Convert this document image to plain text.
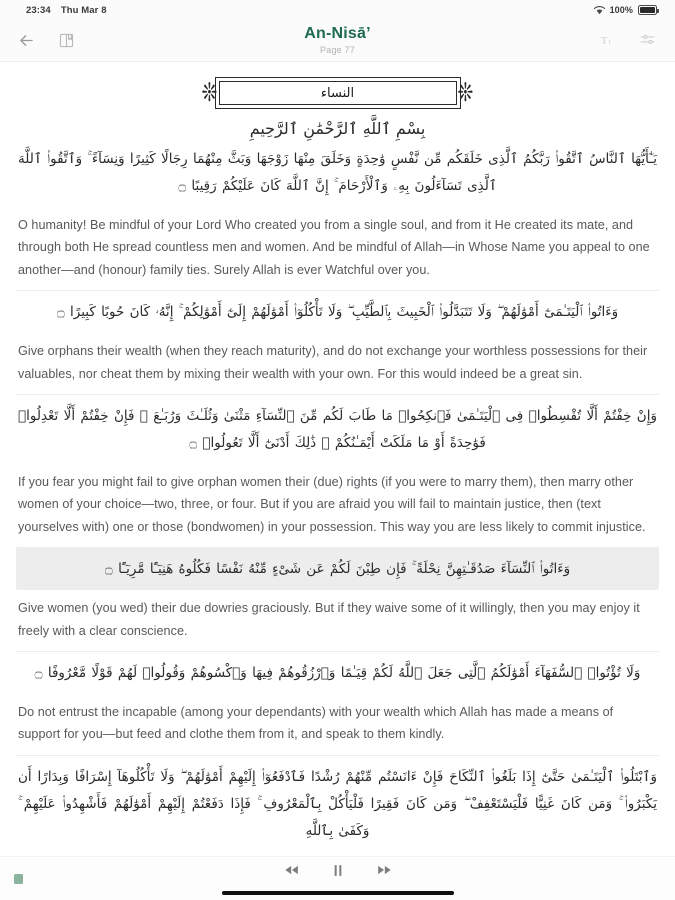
23:34 Thu Mar 8	100%
An-Nisā’
Page 77
T t
❊	❊
النساء
بِسْمِ ٱللَّهِ ٱلرَّحْمَٰنِ ٱلرَّحِيمِ
يَـٰٓأَيُّهَا ٱلنَّاسُ ٱتَّقُوا۟ رَبَّكُمُ ٱلَّذِى خَلَقَكُم مِّن نَّفْسٍ وَٰحِدَةٍ وَخَلَقَ مِنْهَا زَوْجَهَا وَبَثَّ مِنْهُمَا رِجَالًا كَثِيرًا وَنِسَآءً ۚ وَٱتَّقُوا۟ ٱللَّهَ ٱلَّذِى تَسَآءَلُونَ بِهِۦ وَٱلْأَرْحَامَ ۚ إِنَّ ٱللَّهَ كَانَ عَلَيْكُمْ رَقِيبًا ۝
O humanity! Be mindful of your Lord Who created you from a single soul, and from it He created its mate, and through both He spread countless men and women. And be mindful of Allah—in Whose Name you appeal to one another—and (honour) family ties. Surely Allah is ever Watchful over you.
وَءَاتُوا۟ ٱلْيَتَـٰمَىٰٓ أَمْوَٰلَهُمْ ۖ وَلَا تَتَبَدَّلُوا۟ ٱلْخَبِيثَ بِٱلطَّيِّبِ ۖ وَلَا تَأْكُلُوٓا۟ أَمْوَٰلَهُمْ إِلَىٰٓ أَمْوَٰلِكُمْ ۚ إِنَّهُۥ كَانَ حُوبًا كَبِيرًا ۝
Give orphans their wealth (when they reach maturity), and do not exchange your worthless possessions for their valuables, nor cheat them by mixing their wealth with your own. For this would indeed be a great sin.
وَإِنْ خِفْتُمْ أَلَّا تُقْسِطُوا۟ فِى ٱلْيَتَـٰمَىٰ فَٱنكِحُوا۟ مَا طَابَ لَكُم مِّنَ ٱلنِّسَآءِ مَثْنَىٰ وَثُلَـٰثَ وَرُبَـٰعَ ۖ فَإِنْ خِفْتُمْ أَلَّا تَعْدِلُوا۟ فَوَٰحِدَةً أَوْ مَا مَلَكَتْ أَيْمَـٰنُكُمْ ۚ ذَٰلِكَ أَدْنَىٰٓ أَلَّا تَعُولُوا۟ ۝
If you fear you might fail to give orphan women their (due) rights (if you were to marry them), then marry other women of your choice—two, three, or four. But if you are afraid you will fail to maintain justice, then (text yourselves with) one or those (bondwomen) in your possession. This way you are less likely to commit injustice.
وَءَاتُوا۟ ٱلنِّسَآءَ صَدُقَـٰتِهِنَّ نِحْلَةً ۚ فَإِن طِبْنَ لَكُمْ عَن شَىْءٍ مِّنْهُ نَفْسًا فَكُلُوهُ هَنِيٓـًٔا مَّرِيٓـًٔا ۝
Give women (you wed) their due dowries graciously. But if they waive some of it willingly, then you may enjoy it freely with a clear conscience.
وَلَا تُؤْتُوا۟ ٱلسُّفَهَآءَ أَمْوَٰلَكُمُ ٱلَّتِى جَعَلَ ٱللَّهُ لَكُمْ قِيَـٰمًا وَٱرْزُقُوهُمْ فِيهَا وَٱكْسُوهُمْ وَقُولُوا۟ لَهُمْ قَوْلًا مَّعْرُوفًا ۝
Do not entrust the incapable (among your dependants) with your wealth which Allah has made a means of support for you—but feed and clothe them from it, and speak to them kindly.
وَٱبْتَلُوا۟ ٱلْيَتَـٰمَىٰ حَتَّىٰٓ إِذَا بَلَغُوا۟ ٱلنِّكَاحَ فَإِنْ ءَانَسْتُم مِّنْهُمْ رُشْدًا فَٱدْفَعُوٓا۟ إِلَيْهِمْ أَمْوَٰلَهُمْ ۖ وَلَا تَأْكُلُوهَآ إِسْرَافًا وَبِدَارًا أَن يَكْبَرُوا۟ ۚ وَمَن كَانَ غَنِيًّا فَلْيَسْتَعْفِفْ ۖ وَمَن كَانَ فَقِيرًا فَلْيَأْكُلْ بِٱلْمَعْرُوفِ ۚ فَإِذَا دَفَعْتُمْ إِلَيْهِمْ أَمْوَٰلَهُمْ فَأَشْهِدُوا۟ عَلَيْهِمْ ۚ وَكَفَىٰ بِٱللَّهِ
